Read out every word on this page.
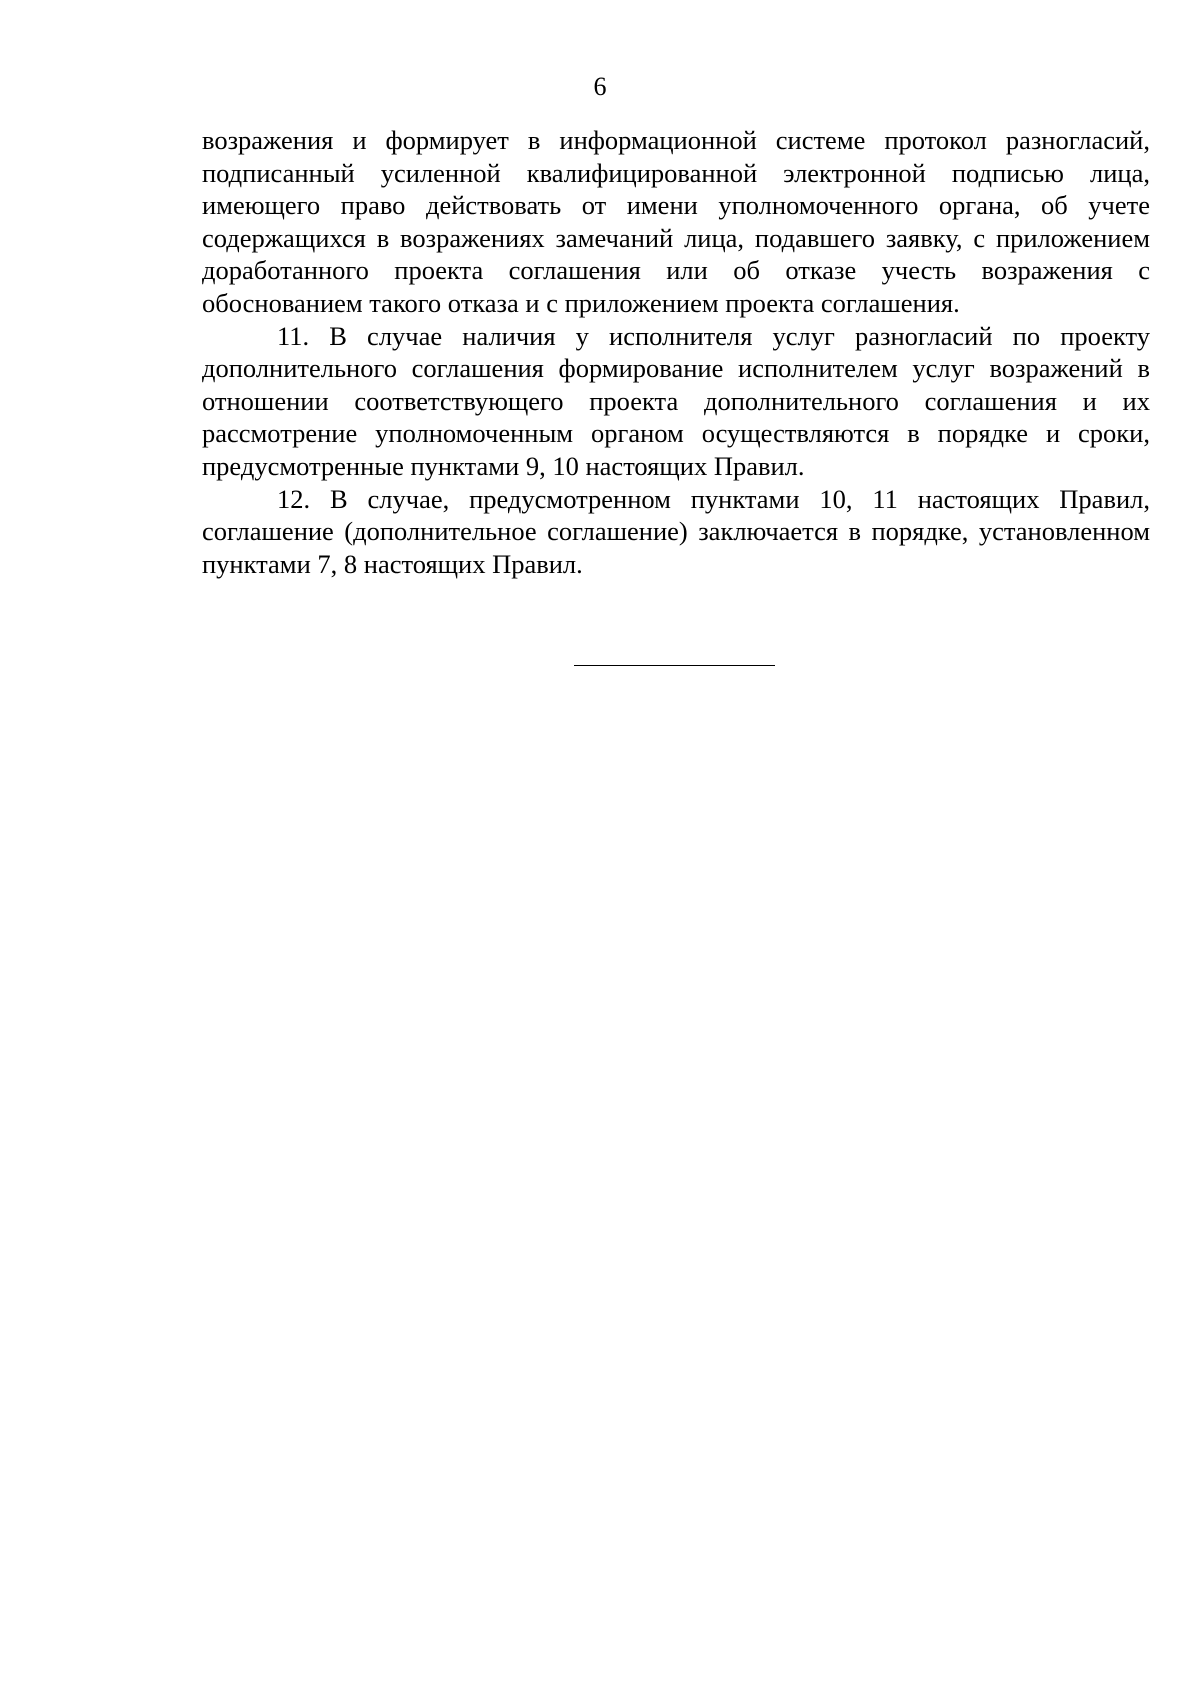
6

возражения и формирует в информационной системе протокол разногласий, подписанный усиленной квалифицированной электронной подписью лица, имеющего право действовать от имени уполномоченного органа, об учете содержащихся в возражениях замечаний лица, подавшего заявку, с приложением доработанного проекта соглашения или об отказе учесть возражения с обоснованием такого отказа и с приложением проекта соглашения.

11. В случае наличия у исполнителя услуг разногласий по проекту дополнительного соглашения формирование исполнителем услуг возражений в отношении соответствующего проекта дополнительного соглашения и их рассмотрение уполномоченным органом осуществляются в порядке и сроки, предусмотренные пунктами 9, 10 настоящих Правил.

12. В случае, предусмотренном пунктами 10, 11 настоящих Правил, соглашение (дополнительное соглашение) заключается в порядке, установленном пунктами 7, 8 настоящих Правил.
